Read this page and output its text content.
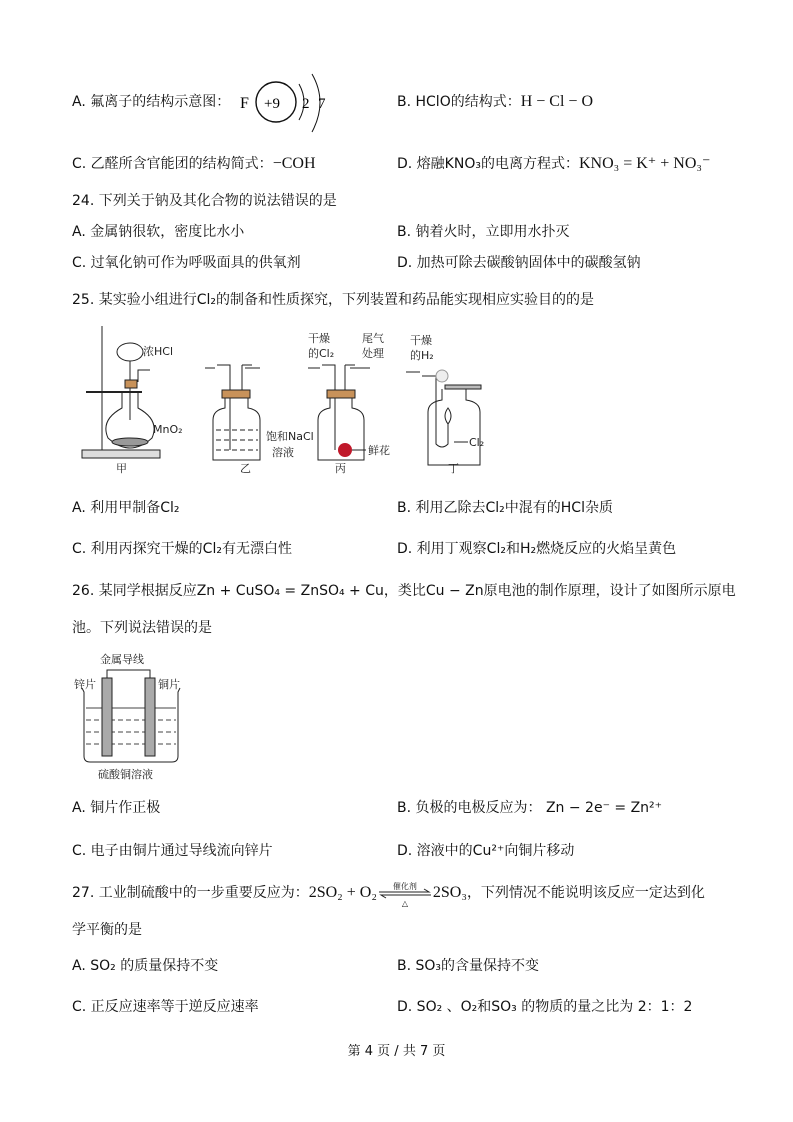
A. 氟离子的结构示意图： F +9 2 7	B. HClO的结构式：H − Cl − O
C. 乙醛所含官能团的结构简式：−COH	D. 熔融KNO₃的电离方程式：KNO₃ = K⁺ + NO₃⁻
24. 下列关于钠及其化合物的说法错误的是
A. 金属钠很软，密度比水小	B. 钠着火时，立即用水扑灭
C. 过氧化钠可作为呼吸面具的供氧剂	D. 加热可除去碳酸钠固体中的碳酸氢钠
25. 某实验小组进行Cl₂的制备和性质探究，下列装置和药品能实现相应实验目的的是
浓HCl
MnO₂
甲
饱和NaCl
溶液
乙
干燥
的Cl₂
尾气
处理
鲜花
丙
干燥
的H₂
Cl₂
丁
A. 利用甲制备Cl₂	B. 利用乙除去Cl₂中混有的HCl杂质
C. 利用丙探究干燥的Cl₂有无漂白性	D. 利用丁观察Cl₂和H₂燃烧反应的火焰呈黄色
26. 某同学根据反应Zn + CuSO₄ = ZnSO₄ + Cu，类比Cu − Zn原电池的制作原理，设计了如图所示原电
池。下列说法错误的是
金属导线
锌片	铜片
硫酸铜溶液
A. 铜片作正极	B. 负极的电极反应为： Zn − 2e⁻ = Zn²⁺
C. 电子由铜片通过导线流向锌片	D. 溶液中的Cu²⁺向铜片移动
27. 工业制硫酸中的一步重要反应为：2SO₂ + O₂	催化剂
△
2SO₃，下列情况不能说明该反应一定达到化
学平衡的是
A. SO₂ 的质量保持不变	B. SO₃的含量保持不变
C. 正反应速率等于逆反应速率	D. SO₂ 、O₂和SO₃ 的物质的量之比为 2：1：2
第 4 页 / 共 7 页
